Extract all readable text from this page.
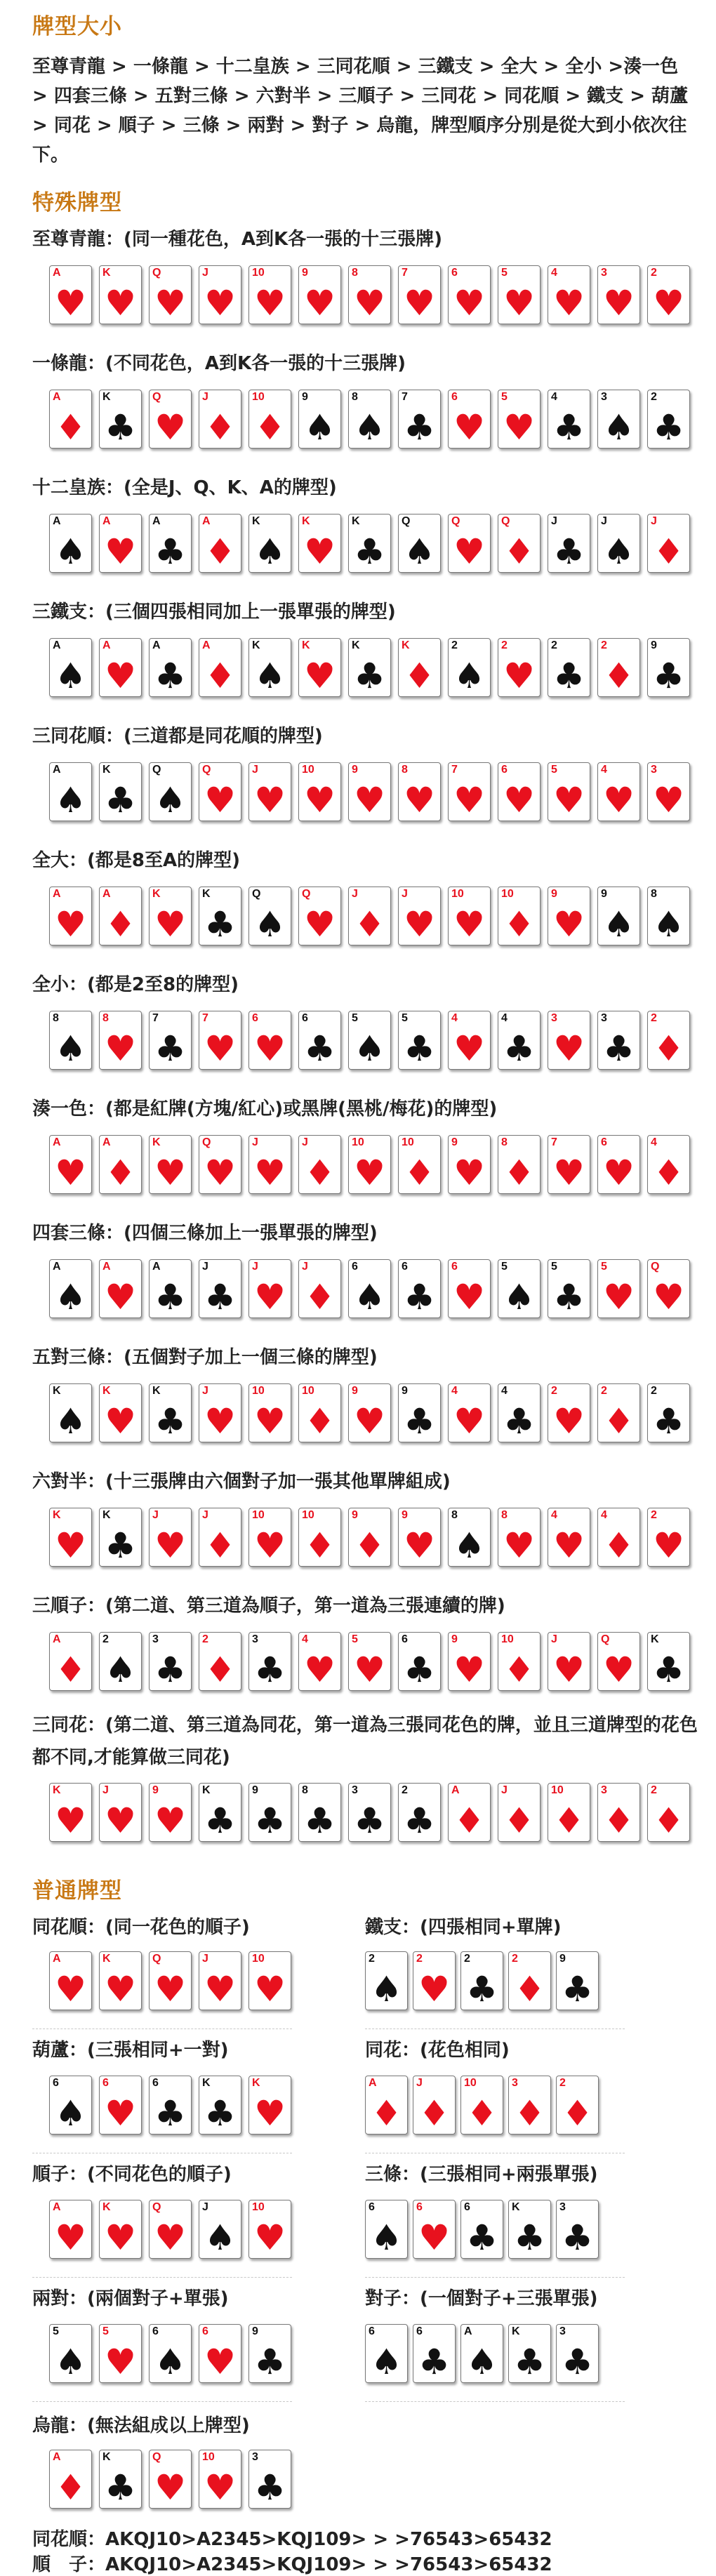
牌型大小
至尊青龍 > 一條龍 > 十二皇族 > 三同花順 > 三鐵支 > 全大 > 全小 >湊一色 > 四套三條 > 五對三條 > 六對半 > 三順子 > 三同花 > 同花順 > 鐵支 > 葫蘆 > 同花 > 順子 > 三條 > 兩對 > 對子 > 烏龍，牌型順序分別是從大到小依次往下。
特殊牌型
至尊青龍：(同一種花色，A到K各一張的十三張牌)
A
♥
K
♥
Q
♥
J
♥
10
♥
9
♥
8
♥
7
♥
6
♥
5
♥
4
♥
3
♥
2
♥
一條龍：(不同花色，A到K各一張的十三張牌)
A
♦
K
♣
Q
♥
J
♦
10
♦
9
♠
8
♠
7
♣
6
♥
5
♥
4
♣
3
♠
2
♣
十二皇族：(全是J、Q、K、A的牌型)
A
♠
A
♥
A
♣
A
♦
K
♠
K
♥
K
♣
Q
♠
Q
♥
Q
♦
J
♣
J
♠
J
♦
三鐵支：(三個四張相同加上一張單張的牌型)
A
♠
A
♥
A
♣
A
♦
K
♠
K
♥
K
♣
K
♦
2
♠
2
♥
2
♣
2
♦
9
♣
三同花順：(三道都是同花順的牌型)
A
♠
K
♣
Q
♠
Q
♥
J
♥
10
♥
9
♥
8
♥
7
♥
6
♥
5
♥
4
♥
3
♥
全大：(都是8至A的牌型)
A
♥
A
♦
K
♥
K
♣
Q
♠
Q
♥
J
♦
J
♥
10
♥
10
♦
9
♥
9
♠
8
♠
全小：(都是2至8的牌型)
8
♠
8
♥
7
♣
7
♥
6
♥
6
♣
5
♠
5
♣
4
♥
4
♣
3
♥
3
♣
2
♦
湊一色：(都是紅牌(方塊/紅心)或黑牌(黑桃/梅花)的牌型)
A
♥
A
♦
K
♥
Q
♥
J
♥
J
♦
10
♥
10
♦
9
♥
8
♦
7
♥
6
♥
4
♦
四套三條：(四個三條加上一張單張的牌型)
A
♠
A
♥
A
♣
J
♣
J
♥
J
♦
6
♠
6
♣
6
♥
5
♠
5
♣
5
♥
Q
♥
五對三條：(五個對子加上一個三條的牌型)
K
♠
K
♥
K
♣
J
♥
10
♥
10
♦
9
♥
9
♣
4
♥
4
♣
2
♥
2
♦
2
♣
六對半：(十三張牌由六個對子加一張其他單牌組成)
K
♥
K
♣
J
♥
J
♦
10
♥
10
♦
9
♦
9
♥
8
♠
8
♥
4
♥
4
♦
2
♥
三順子：(第二道、第三道為順子，第一道為三張連續的牌)
A
♦
2
♠
3
♣
2
♦
3
♣
4
♥
5
♥
6
♣
9
♥
10
♦
J
♥
Q
♥
K
♣
三同花：(第二道、第三道為同花，第一道為三張同花色的牌，並且三道牌型的花色都不同,才能算做三同花)
K
♥
J
♥
9
♥
K
♣
9
♣
8
♣
3
♣
2
♣
A
♦
J
♦
10
♦
3
♦
2
♦
普通牌型
同花順：(同一花色的順子)
A
♥
K
♥
Q
♥
J
♥
10
♥
鐵支：(四張相同+單牌)
2
♠
2
♥
2
♣
2
♦
9
♣
葫蘆：(三張相同+一對)
6
♠
6
♥
6
♣
K
♣
K
♥
同花：(花色相同)
A
♦
J
♦
10
♦
3
♦
2
♦
順子：(不同花色的順子)
A
♥
K
♥
Q
♥
J
♠
10
♥
三條：(三張相同+兩張單張)
6
♠
6
♥
6
♣
K
♣
3
♣
兩對：(兩個對子+單張)
5
♠
5
♥
6
♠
6
♥
9
♣
對子：(一個對子+三張單張)
6
♠
6
♣
A
♠
K
♣
3
♣
烏龍：(無法組成以上牌型)
A
♦
K
♣
Q
♥
10
♥
3
♣
同花順：AKQJ10>A2345>KQJ109> > >76543>65432
順　子：AKQJ10>A2345>KQJ109> > >76543>65432
